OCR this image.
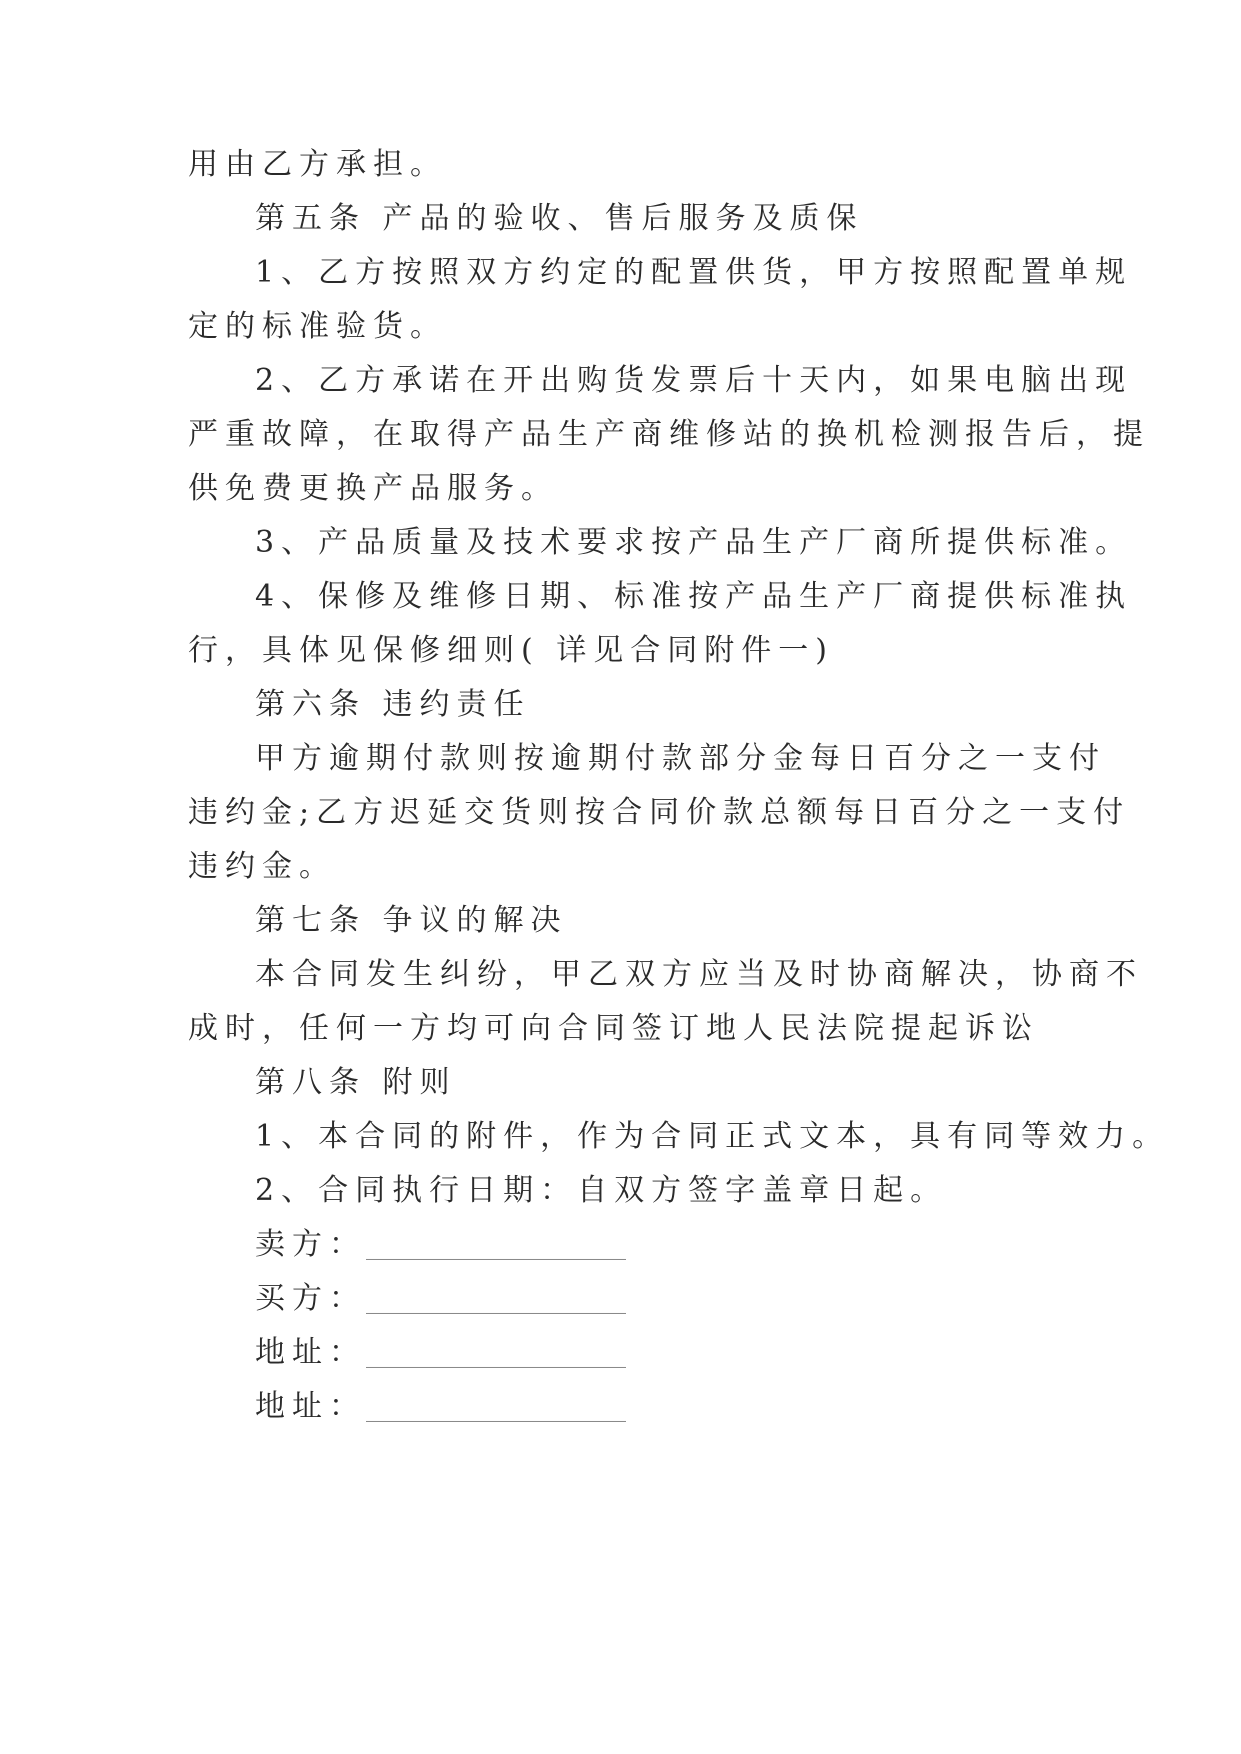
用由乙方承担。
第五条 产品的验收、售后服务及质保
1、乙方按照双方约定的配置供货，甲方按照配置单规
定的标准验货。
2、乙方承诺在开出购货发票后十天内，如果电脑出现
严重故障，在取得产品生产商维修站的换机检测报告后，提
供免费更换产品服务。
3、产品质量及技术要求按产品生产厂商所提供标准。
4、保修及维修日期、标准按产品生产厂商提供标准执
行，具体见保修细则( 详见合同附件一)
第六条 违约责任
甲方逾期付款则按逾期付款部分金每日百分之一支付
违约金;乙方迟延交货则按合同价款总额每日百分之一支付
违约金。
第七条 争议的解决
本合同发生纠纷，甲乙双方应当及时协商解决，协商不
成时，任何一方均可向合同签订地人民法院提起诉讼
第八条 附则
1、本合同的附件，作为合同正式文本，具有同等效力。
2、合同执行日期：自双方签字盖章日起。
卖方：____________________
买方：____________________
地址：____________________
地址：____________________
